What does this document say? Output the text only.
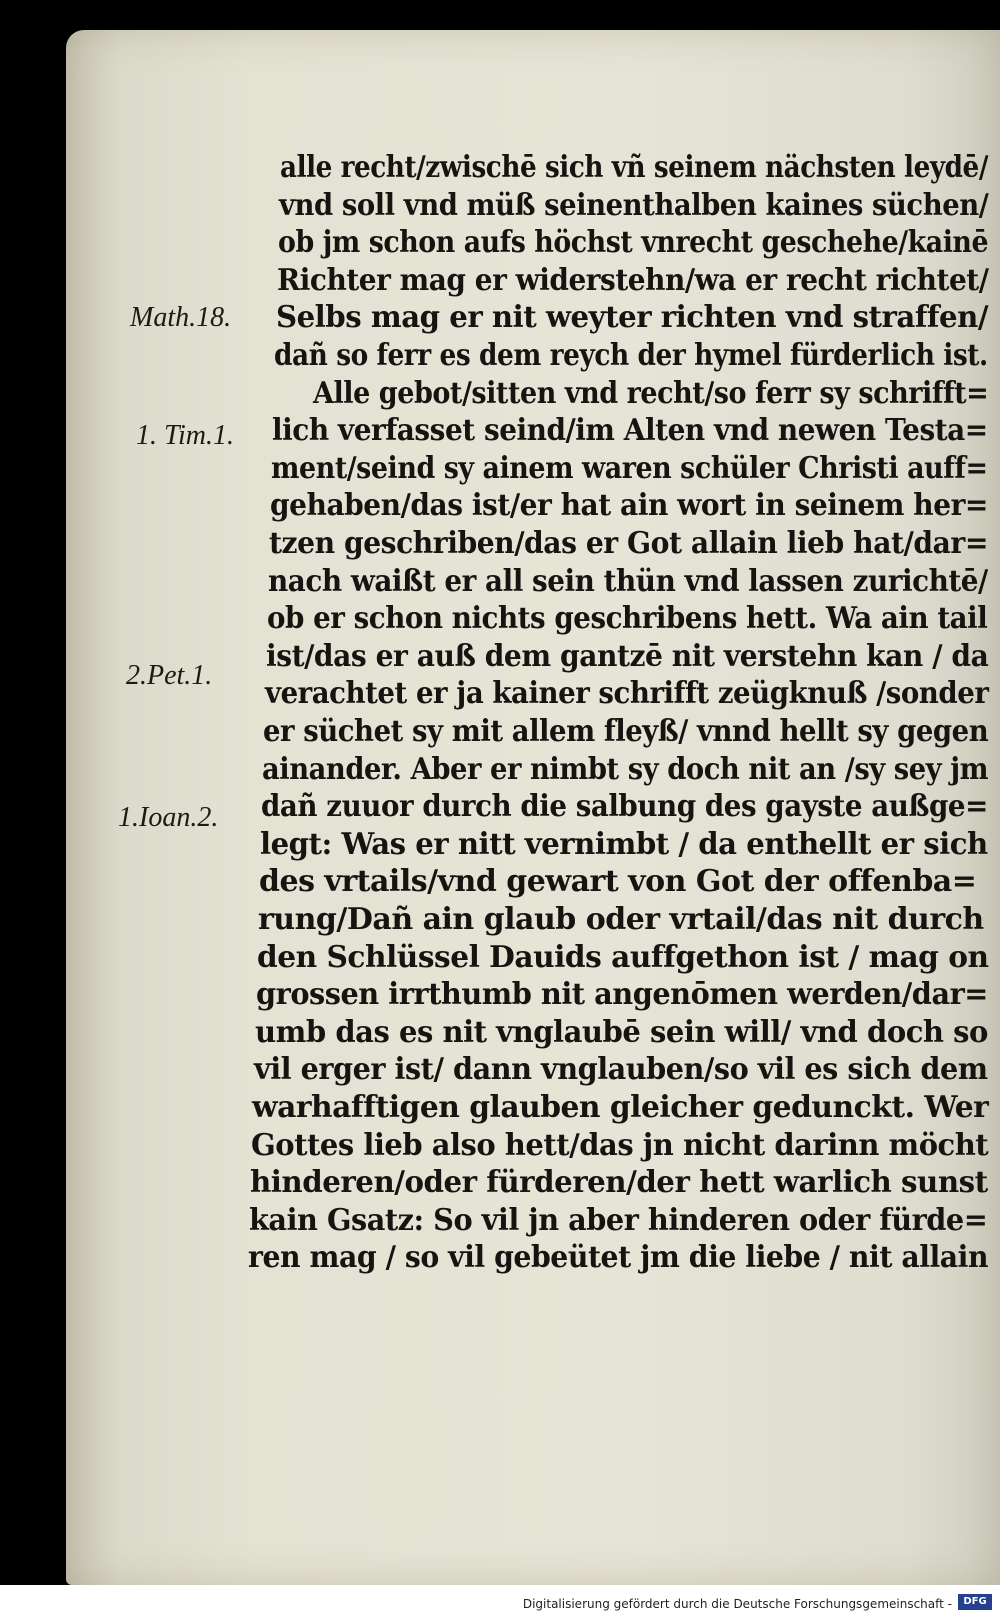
Math.18.
1. Tim.1.
2.Pet.1.
1.Ioan.2.
alle recht/zwischē sich vñ seinem nächsten leydē/
vnd soll vnd müß seinenthalben kaines süchen/
ob jm schon aufs höchst vnrecht geschehe/kainē
Richter mag er widerstehn/wa er recht richtet/
Selbs mag er nit weyter richten vnd straffen/
dañ so ferr es dem reych der hymel fürderlich ist.
Alle gebot/sitten vnd recht/so ferr sy schrifft=
lich verfasset seind/im Alten vnd newen Testa=
ment/seind sy ainem waren schüler Christi auff=
gehaben/das ist/er hat ain wort in seinem her=
tzen geschriben/das er Got allain lieb hat/dar=
nach waißt er all sein thün vnd lassen zurichtē/
ob er schon nichts geschribens hett. Wa ain tail
ist/das er auß dem gantzē nit verstehn kan / da
verachtet er ja kainer schrifft zeügknuß /sonder
er süchet sy mit allem fleyß/ vnnd hellt sy gegen
ainander. Aber er nimbt sy doch nit an /sy sey jm
dañ zuuor durch die salbung des gayste außge=
legt: Was er nitt vernimbt / da enthellt er sich
des vrtails/vnd gewart von Got der offenba=
rung/Dañ ain glaub oder vrtail/das nit durch
den Schlüssel Dauids auffgethon ist / mag on
grossen irrthumb nit angenōmen werden/dar=
umb das es nit vnglaubē sein will/ vnd doch so
vil erger ist/ dann vnglauben/so vil es sich dem
warhafftigen glauben gleicher gedunckt. Wer
Gottes lieb also hett/das jn nicht darinn möcht
hinderen/oder fürderen/der hett warlich sunst
kain Gsatz: So vil jn aber hinderen oder fürde=
ren mag / so vil gebeütet jm die liebe / nit allain
Digitalisierung gefördert durch die Deutsche Forschungsgemeinschaft -	DFG
